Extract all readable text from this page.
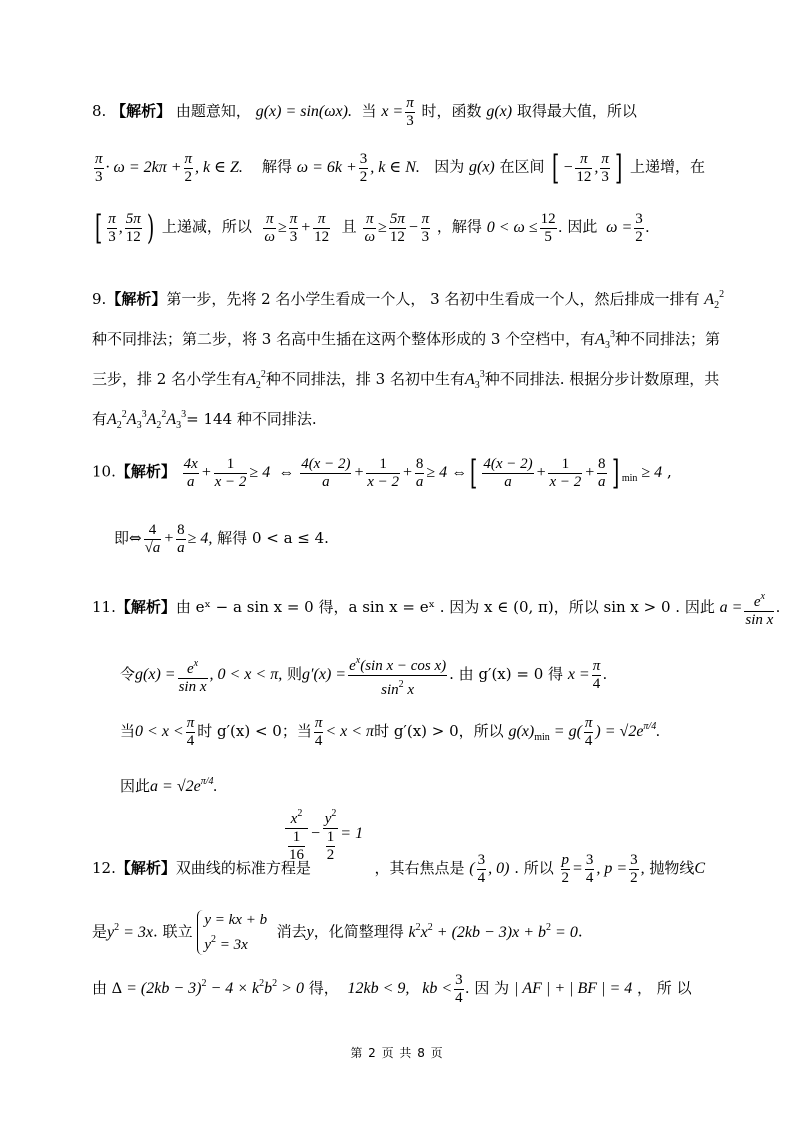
8. 【解析】 由题意知， g(x) = sin(ωx). 当 $x = \frac{\pi}{3}$ 时，函数 g(x) 取得最大值，所以
$\frac{\pi}{3} \cdot \omega = 2k\pi + \frac{\pi}{2}$ , k ∈ Z. 解得 $\omega = 6k + \frac{3}{2}$ , k ∈ N. 因为 g(x) 在区间 [ − $\frac{\pi}{12}$ , $\frac{\pi}{3}$ ] 上递增，在
[ $\frac{\pi}{3}$ , $\frac{5\pi}{12}$ ) 上递减，所以 $\frac{\pi}{\omega} \ge \frac{\pi}{3} + \frac{\pi}{12}$ 且 $\frac{\pi}{\omega} \ge \frac{5\pi}{12} - \frac{\pi}{3}$ ，解得 $0 < \omega \le \frac{12}{5}$ . 因此  $\omega = \frac{3}{2}$ .
9.【解析】第一步，先将 2 名小学生看成一个人， 3 名初中生看成一个人，然后排成一排有 $A_2^2$
种不同排法；第二步，将 3 名高中生插在这两个整体形成的 3 个空档中，有$A_3^3$种不同排法；第
三步，排 2 名小学生有$A_2^2$种不同排法，排 3 名初中生有$A_3^3$种不同排法. 根据分步计数原理，共
有$A_2^2A_3^3A_2^2A_3^3= 144$ 种不同排法.
10.【解析】 $\frac{4x}{a} + \frac{1}{x - 2} \ge 4$  ⇔ $\frac{4(x - 2)}{a} + \frac{1}{x - 2} + \frac{8}{a} \ge 4$ ⇔[ $\frac{4(x - 2)}{a} + \frac{1}{x - 2} + \frac{8}{a}$ ] $_{min}$ ≥ 4 ,
即⇔ $\frac{4}{√a} + \frac{8}{a} \ge 4$, 解得 0 < a ≤ 4.
11.【解析】由 eˣ − a sin x = 0 得，a sin x = eˣ . 因为 x ∈ (0, π)，所以 sin x > 0 . 因此 $a = \frac{e^x}{\text{sin x}}$ .
令$g(x) = \frac{e^x}{\text{sin x}}$ , 0 < x < π, 则$g'(x) = \frac{e^x(\sin x - \cos x)}{\sin^2 x}$ . 由 g′(x) = 0 得 $x = \frac{\pi}{4}$ .
当$0 < x < \frac{\pi}{4}$ 时 g′(x) < 0；当 $\frac{\pi}{4} < x < \pi$时 g′(x) > 0，所以 $g(x)_{min} = g( \frac{\pi}{4}$ ) = $√2e^{\pi/4}$.
因此$a = √2e^{\pi/4}$.
$\frac{x^2}{\frac{1}{16}} - \frac{y^2}{\frac{1}{2}} = 1$
12.【解析】双曲线的标准方程是	，其右焦点是 ( $\frac{3}{4}$ , 0) . 所以 $\frac{p}{2} = \frac{3}{4}$ , $p = \frac{3}{2}$ , 抛物线C
是$y^2 = 3x$. 联立 y = kx + b
$y^2 = 3x$  消去y，化简整理得 $k^2x^2 + (2kb - 3)x + b^2 = 0$.
由 $\Delta = (2kb - 3)^2 - 4 \times k^2b^2 > 0$ 得，  12kb < 9,   kb < $\frac{3}{4}$ . 因 为 | AF | + | BF | = 4 ， 所 以
第 2 页 共 8 页
